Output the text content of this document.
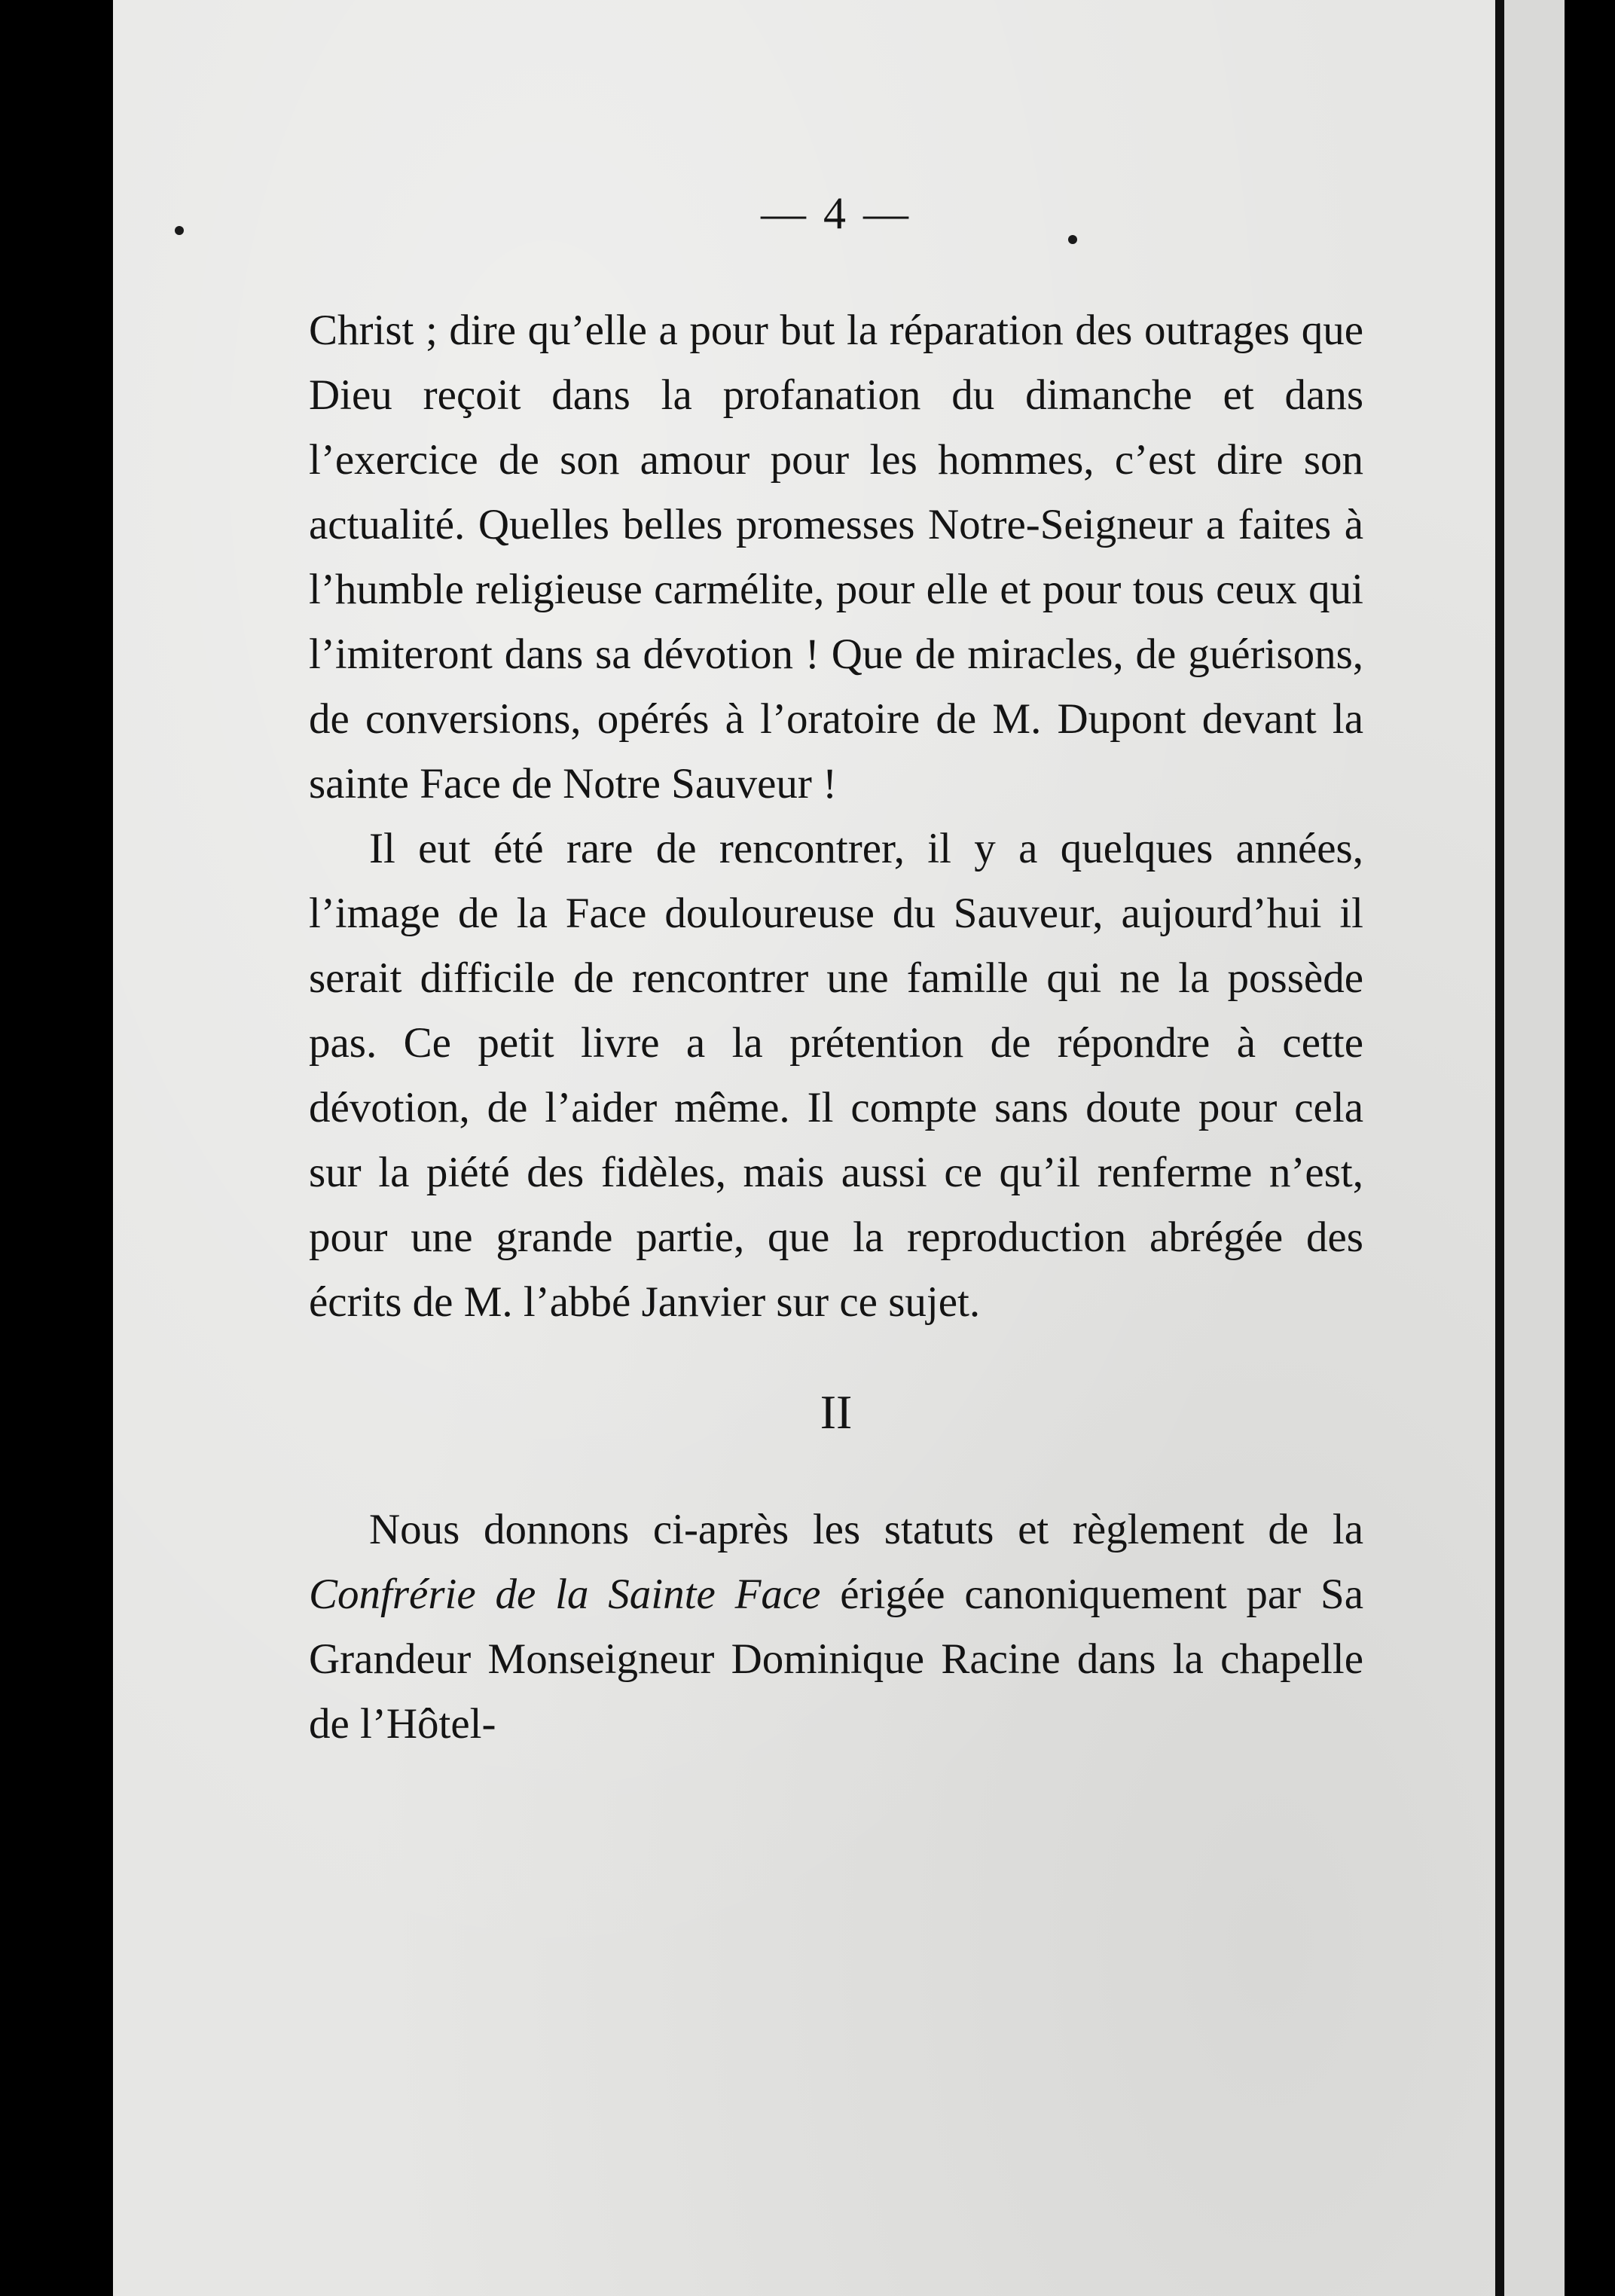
— 4 —

Christ ; dire qu’elle a pour but la réparation des outrages que Dieu reçoit dans la profanation du dimanche et dans l’exercice de son amour pour les hommes, c’est dire son actualité. Quelles belles promesses Notre-Seigneur a faites à l’humble religieuse carmélite, pour elle et pour tous ceux qui l’imiteront dans sa dévotion ! Que de miracles, de guérisons, de conversions, opérés à l’oratoire de M. Dupont devant la sainte Face de Notre Sauveur !

Il eut été rare de rencontrer, il y a quelques années, l’image de la Face douloureuse du Sauveur, aujourd’hui il serait difficile de rencontrer une famille qui ne la possède pas. Ce petit livre a la prétention de répondre à cette dévotion, de l’aider même. Il compte sans doute pour cela sur la piété des fidèles, mais aussi ce qu’il renferme n’est, pour une grande partie, que la reproduction abrégée des écrits de M. l’abbé Janvier sur ce sujet.

II

Nous donnons ci-après les statuts et règlement de la Confrérie de la Sainte Face érigée canoniquement par Sa Grandeur Monseigneur Dominique Racine dans la chapelle de l’Hôtel-
